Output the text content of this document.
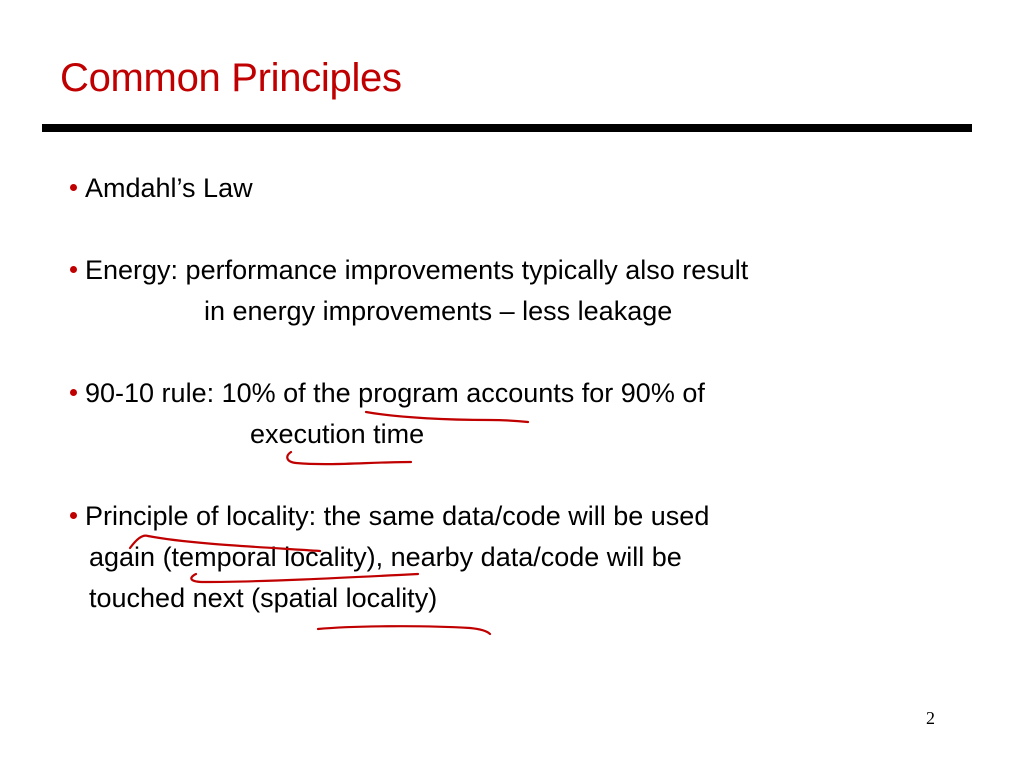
Common Principles
Amdahl’s Law
Energy: performance improvements typically also result
in energy improvements – less leakage
90-10 rule: 10% of the program accounts for 90% of
execution time
Principle of locality: the same data/code will be used
again (temporal locality), nearby data/code will be
touched next (spatial locality)
2
